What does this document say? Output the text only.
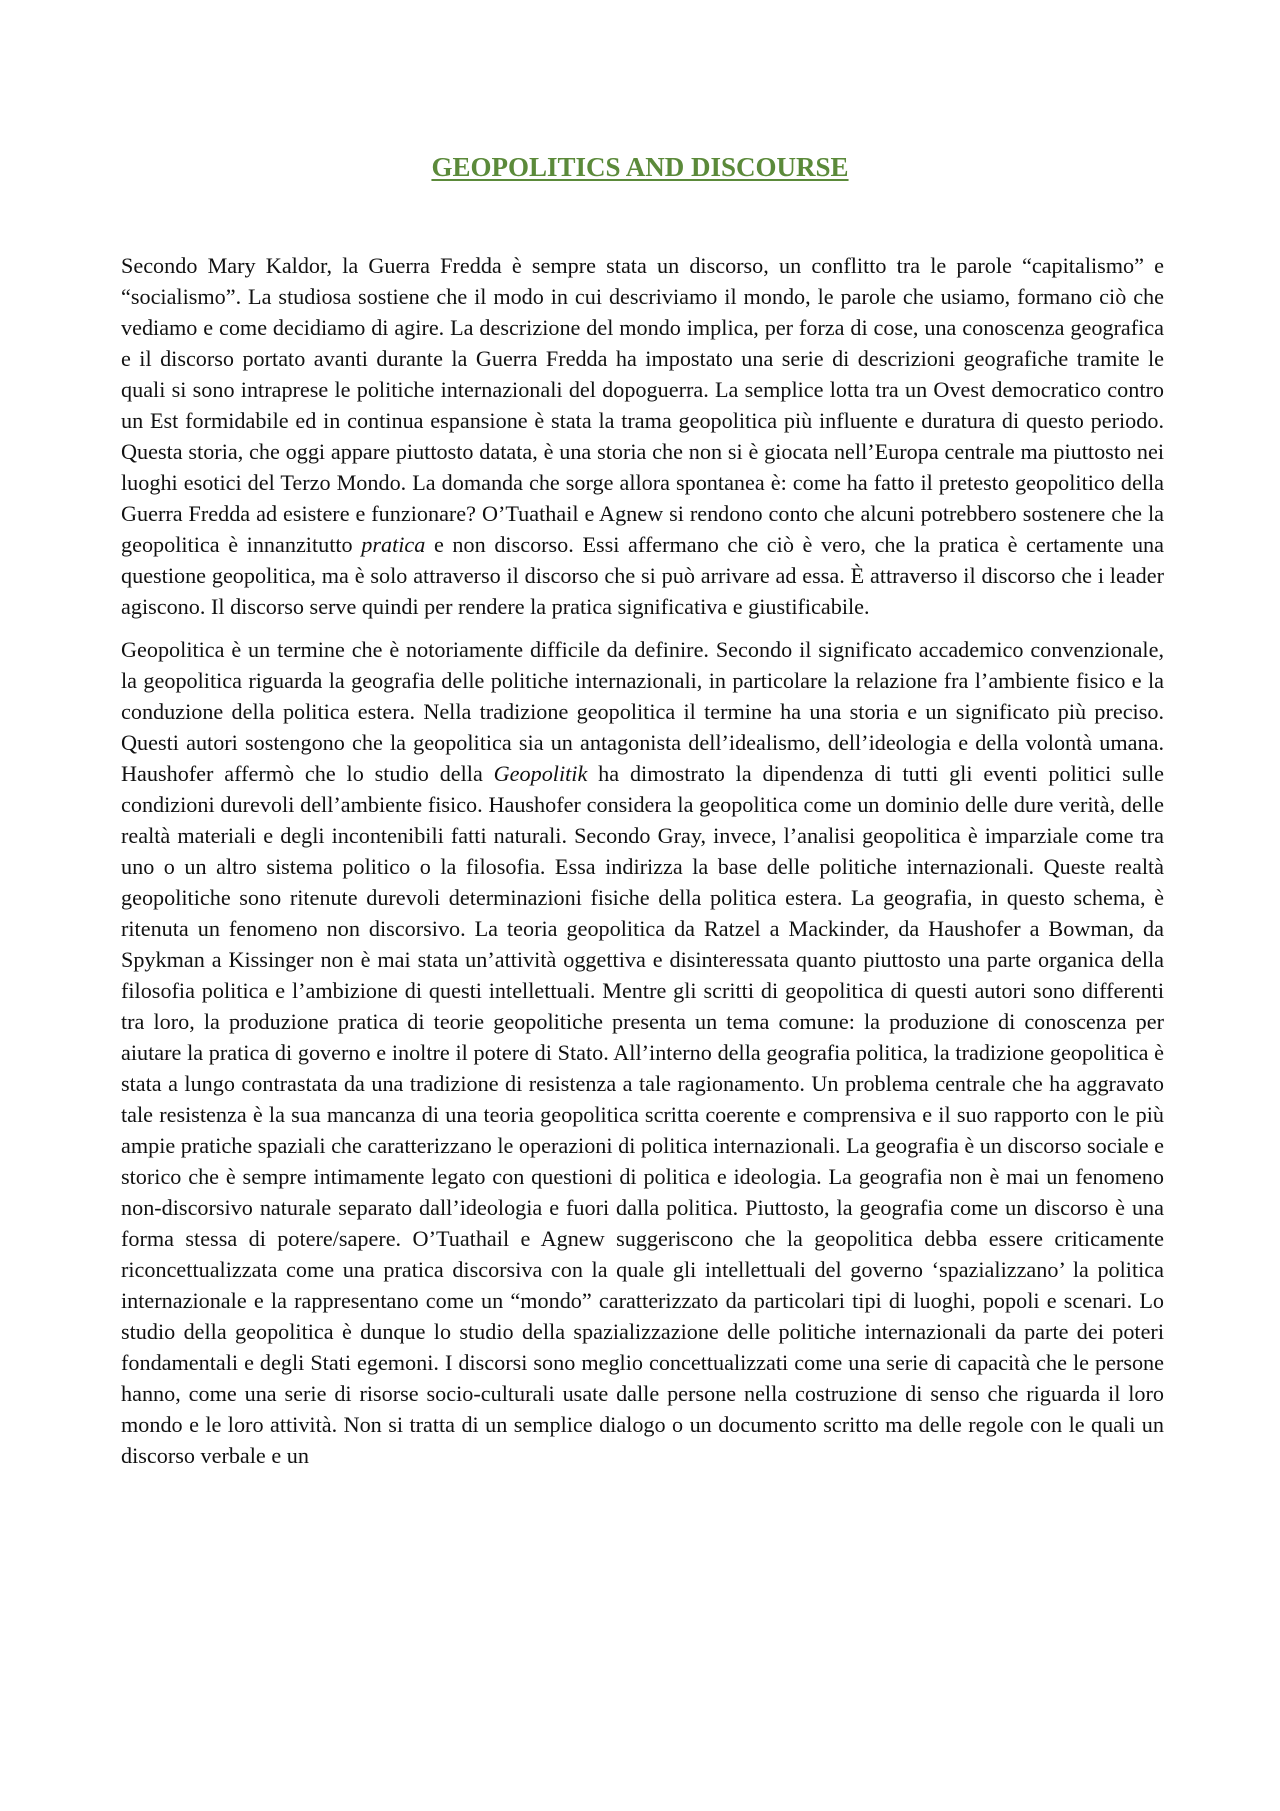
GEOPOLITICS AND DISCOURSE

Secondo Mary Kaldor, la Guerra Fredda è sempre stata un discorso, un conflitto tra le parole “capitalismo” e “socialismo”. La studiosa sostiene che il modo in cui descriviamo il mondo, le parole che usiamo, formano ciò che vediamo e come decidiamo di agire. La descrizione del mondo implica, per forza di cose, una conoscenza geografica e il discorso portato avanti durante la Guerra Fredda ha impostato una serie di descrizioni geografiche tramite le quali si sono intraprese le politiche internazionali del dopoguerra. La semplice lotta tra un Ovest democratico contro un Est formidabile ed in continua espansione è stata la trama geopolitica più influente e duratura di questo periodo. Questa storia, che oggi appare piuttosto datata, è una storia che non si è giocata nell’Europa centrale ma piuttosto nei luoghi esotici del Terzo Mondo. La domanda che sorge allora spontanea è: come ha fatto il pretesto geopolitico della Guerra Fredda ad esistere e funzionare? O’Tuathail e Agnew si rendono conto che alcuni potrebbero sostenere che la geopolitica è innanzitutto pratica e non discorso. Essi affermano che ciò è vero, che la pratica è certamente una questione geopolitica, ma è solo attraverso il discorso che si può arrivare ad essa. È attraverso il discorso che i leader agiscono. Il discorso serve quindi per rendere la pratica significativa e giustificabile.

Geopolitica è un termine che è notoriamente difficile da definire. Secondo il significato accademico convenzionale, la geopolitica riguarda la geografia delle politiche internazionali, in particolare la relazione fra l’ambiente fisico e la conduzione della politica estera. Nella tradizione geopolitica il termine ha una storia e un significato più preciso. Questi autori sostengono che la geopolitica sia un antagonista dell’idealismo, dell’ideologia e della volontà umana. Haushofer affermò che lo studio della Geopolitik ha dimostrato la dipendenza di tutti gli eventi politici sulle condizioni durevoli dell’ambiente fisico. Haushofer considera la geopolitica come un dominio delle dure verità, delle realtà materiali e degli incontenibili fatti naturali. Secondo Gray, invece, l’analisi geopolitica è imparziale come tra uno o un altro sistema politico o la filosofia. Essa indirizza la base delle politiche internazionali. Queste realtà geopolitiche sono ritenute durevoli determinazioni fisiche della politica estera. La geografia, in questo schema, è ritenuta un fenomeno non discorsivo. La teoria geopolitica da Ratzel a Mackinder, da Haushofer a Bowman, da Spykman a Kissinger non è mai stata un’attività oggettiva e disinteressata quanto piuttosto una parte organica della filosofia politica e l’ambizione di questi intellettuali. Mentre gli scritti di geopolitica di questi autori sono differenti tra loro, la produzione pratica di teorie geopolitiche presenta un tema comune: la produzione di conoscenza per aiutare la pratica di governo e inoltre il potere di Stato. All’interno della geografia politica, la tradizione geopolitica è stata a lungo contrastata da una tradizione di resistenza a tale ragionamento. Un problema centrale che ha aggravato tale resistenza è la sua mancanza di una teoria geopolitica scritta coerente e comprensiva e il suo rapporto con le più ampie pratiche spaziali che caratterizzano le operazioni di politica internazionali. La geografia è un discorso sociale e storico che è sempre intimamente legato con questioni di politica e ideologia. La geografia non è mai un fenomeno non-discorsivo naturale separato dall’ideologia e fuori dalla politica. Piuttosto, la geografia come un discorso è una forma stessa di potere/sapere. O’Tuathail e Agnew suggeriscono che la geopolitica debba essere criticamente riconcettualizzata come una pratica discorsiva con la quale gli intellettuali del governo ‘spazializzano’ la politica internazionale e la rappresentano come un “mondo” caratterizzato da particolari tipi di luoghi, popoli e scenari. Lo studio della geopolitica è dunque lo studio della spazializzazione delle politiche internazionali da parte dei poteri fondamentali e degli Stati egemoni. I discorsi sono meglio concettualizzati come una serie di capacità che le persone hanno, come una serie di risorse socio-culturali usate dalle persone nella costruzione di senso che riguarda il loro mondo e le loro attività. Non si tratta di un semplice dialogo o un documento scritto ma delle regole con le quali un discorso verbale e un
